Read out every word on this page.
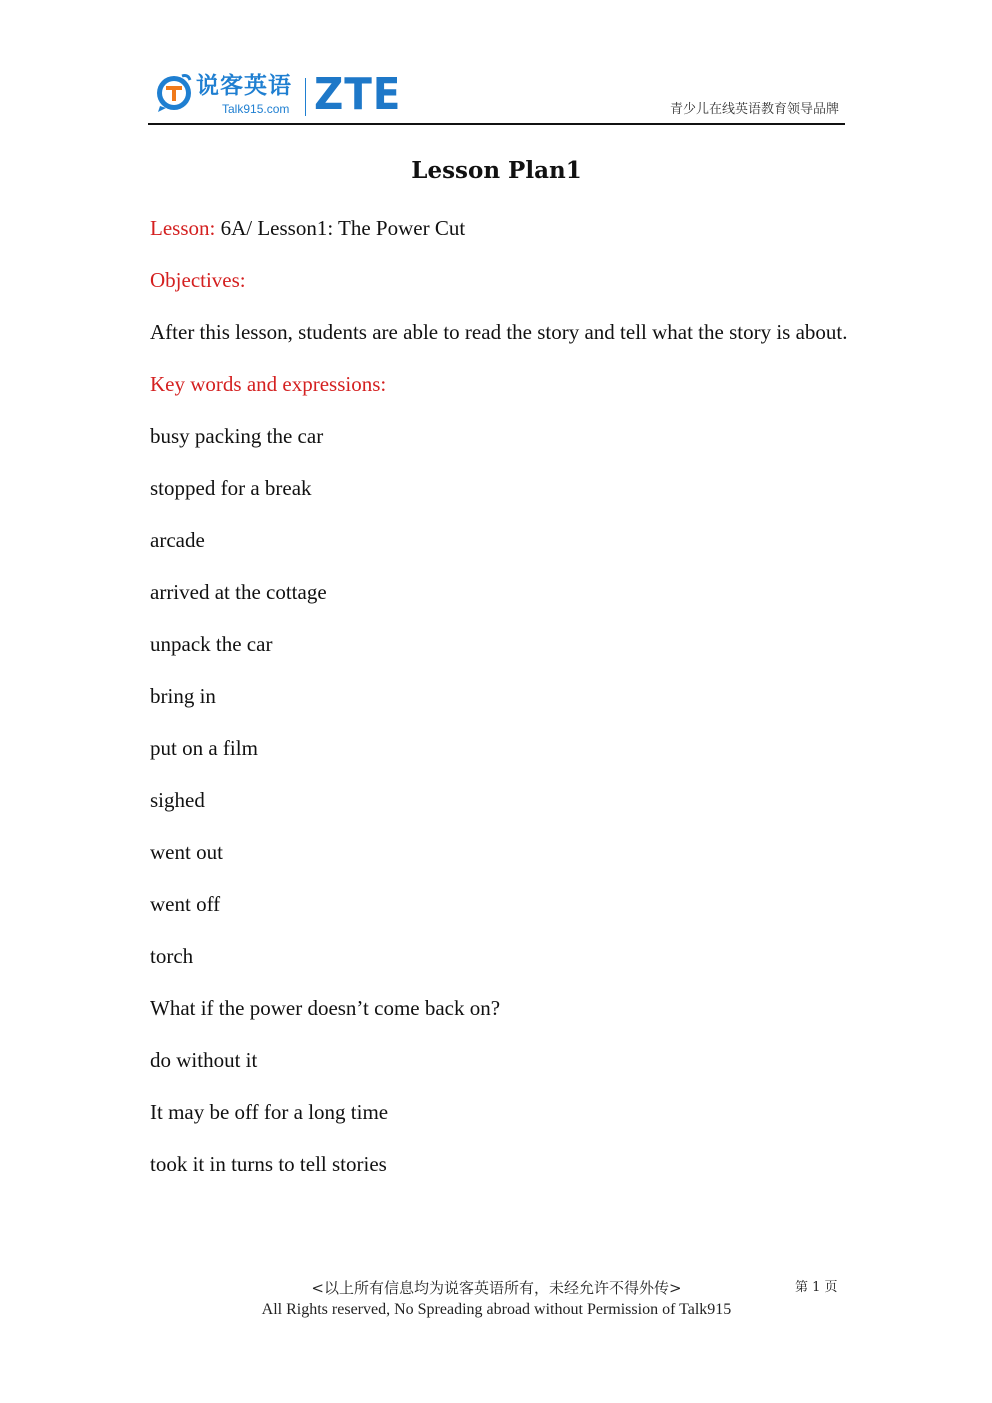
说客英语
Talk915.com ZTE	青少儿在线英语教育领导品牌
Lesson Plan1
Lesson: 6A/ Lesson1: The Power Cut
Objectives:
After this lesson, students are able to read the story and tell what the story is about.
Key words and expressions:
busy packing the car
stopped for a break
arcade
arrived at the cottage
unpack the car
bring in
put on a film
sighed
went out
went off
torch
What if the power doesn’t come back on?
do without it
It may be off for a long time
took it in turns to tell stories
<以上所有信息均为说客英语所有，未经允许不得外传>
All Rights reserved, No Spreading abroad without Permission of Talk915
第 1 页
